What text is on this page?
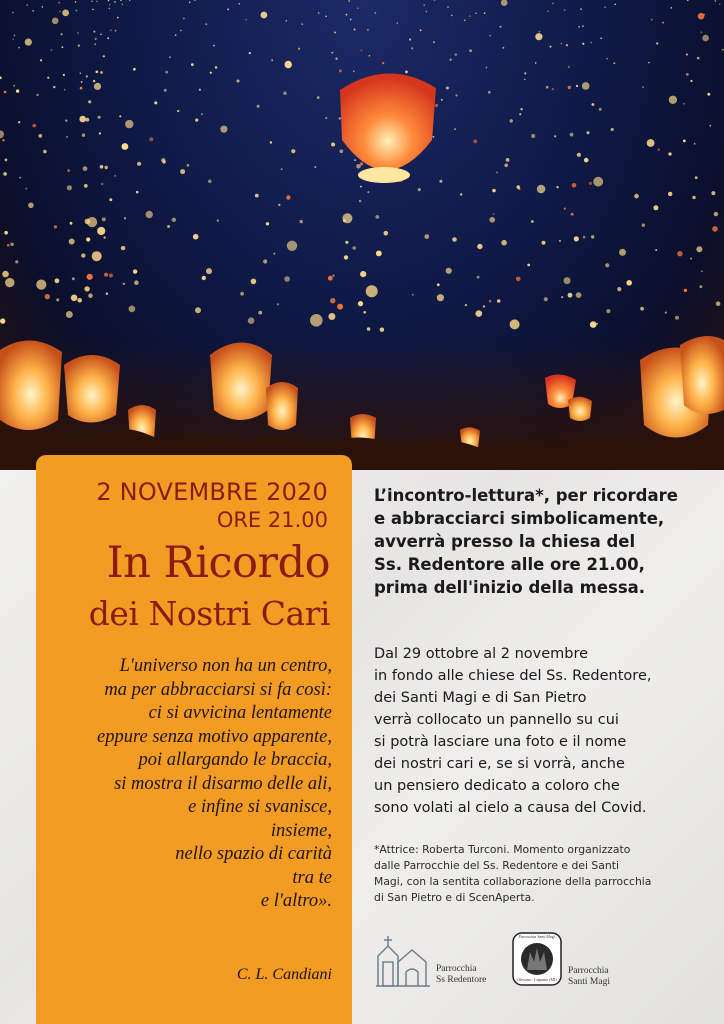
2 NOVEMBRE 2020
ORE 21.00
In Ricordo
dei Nostri Cari
L'universo non ha un centro,
ma per abbracciarsi si fa così:
ci si avvicina lentamente
eppure senza motivo apparente,
poi allargando le braccia,
si mostra il disarmo delle ali,
e infine si svanisce,
insieme,
nello spazio di carità
tra te
e l'altro».
C. L. Candiani
L’incontro-lettura*, per ricordare
e abbracciarci simbolicamente,
avverrà presso la chiesa del
Ss. Redentore alle ore 21.00,
prima dell'inizio della messa.
Dal 29 ottobre al 2 novembre
in fondo alle chiese del Ss. Redentore,
dei Santi Magi e di San Pietro
verrà collocato un pannello su cui
si potrà lasciare una foto e il nome
dei nostri cari e, se si vorrà, anche
un pensiero dedicato a coloro che
sono volati al cielo a causa del Covid.
*Attrice: Roberta Turconi. Momento organizzato
dalle Parrocchie del Ss. Redentore e dei Santi
Magi, con la sentita collaborazione della parrocchia
di San Pietro e di ScenAperta.
Parrocchia
Ss Redentore
Parrocchia Santi Magi
Olevano - Legnano (MI)
Parrocchia
Santi Magi
